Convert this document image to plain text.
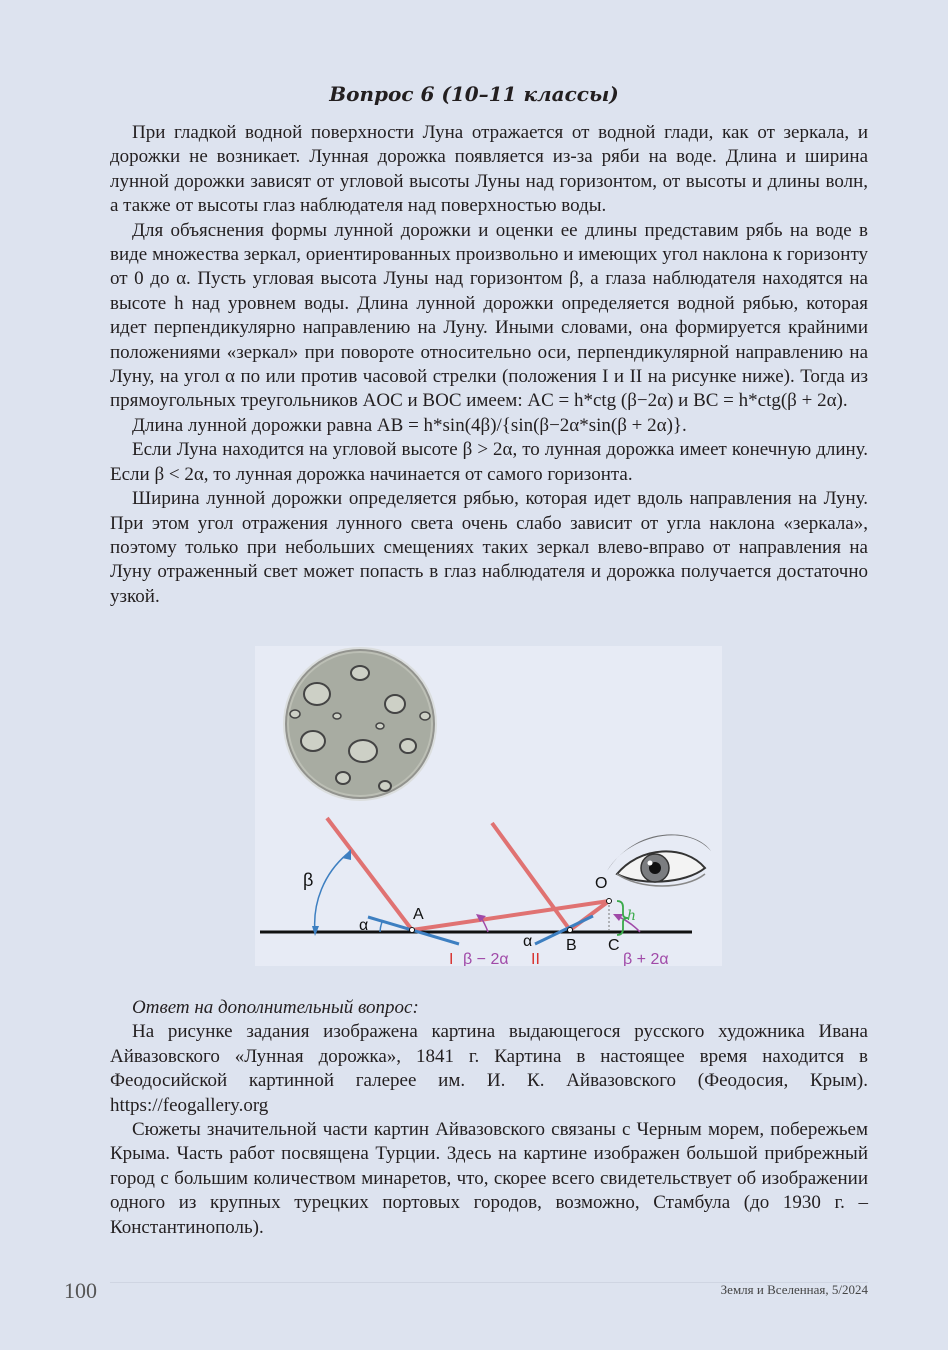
Вопрос 6 (10–11 классы)

При гладкой водной поверхности Луна отражается от водной глади, как от зеркала, и дорожки не возникает. Лунная дорожка появляется из-за ряби на воде. Длина и ширина лунной дорожки зависят от угловой высоты Луны над горизонтом, от высоты и длины волн, а также от высоты глаз наблюдателя над поверхностью воды.

Для объяснения формы лунной дорожки и оценки ее длины представим рябь на воде в виде множества зеркал, ориентированных произвольно и имеющих угол наклона к горизонту от 0 до α. Пусть угловая высота Луны над горизонтом β, а глаза наблюдателя находятся на высоте h над уровнем воды. Длина лунной дорожки определяется водной рябью, которая идет перпендикулярно направлению на Луну. Иными словами, она формируется крайними положениями «зеркал» при повороте относительно оси, перпендикулярной направлению на Луну, на угол α по или против часовой стрелки (положения I и II на рисунке ниже). Тогда из прямоугольных треугольников AOC и BOC имеем: AC = h*ctg (β−2α) и BC = h*ctg(β + 2α).

Длина лунной дорожки равна AB = h*sin(4β)/{sin(β−2α*sin(β + 2α)}.

Если Луна находится на угловой высоте β > 2α, то лунная дорожка имеет конечную длину. Если β < 2α, то лунная дорожка начинается от самого горизонта.

Ширина лунной дорожки определяется рябью, которая идет вдоль направления на Луну. При этом угол отражения лунного света очень слабо зависит от угла наклона «зеркала», поэтому только при небольших смещениях таких зеркал влево-вправо от направления на Луну отраженный свет может попасть в глаз наблюдателя и дорожка получается достаточно узкой.

β
α
A
α B C
O
h
I	II
β − 2α	β + 2α

Ответ на дополнительный вопрос:

На рисунке задания изображена картина выдающегося русского художника Ивана Айвазовского «Лунная дорожка», 1841 г. Картина в настоящее время находится в Феодосийской картинной галерее им. И. К. Айвазовского (Феодосия, Крым). https://feogallery.org

Сюжеты значительной части картин Айвазовского связаны с Черным морем, побережьем Крыма. Часть работ посвящена Турции. Здесь на картине изображен большой прибрежный город с большим количеством минаретов, что, скорее всего свидетельствует об изображении одного из крупных турецких портовых городов, возможно, Стамбула (до 1930 г. – Константинополь).

100	Земля и Вселенная, 5/2024
